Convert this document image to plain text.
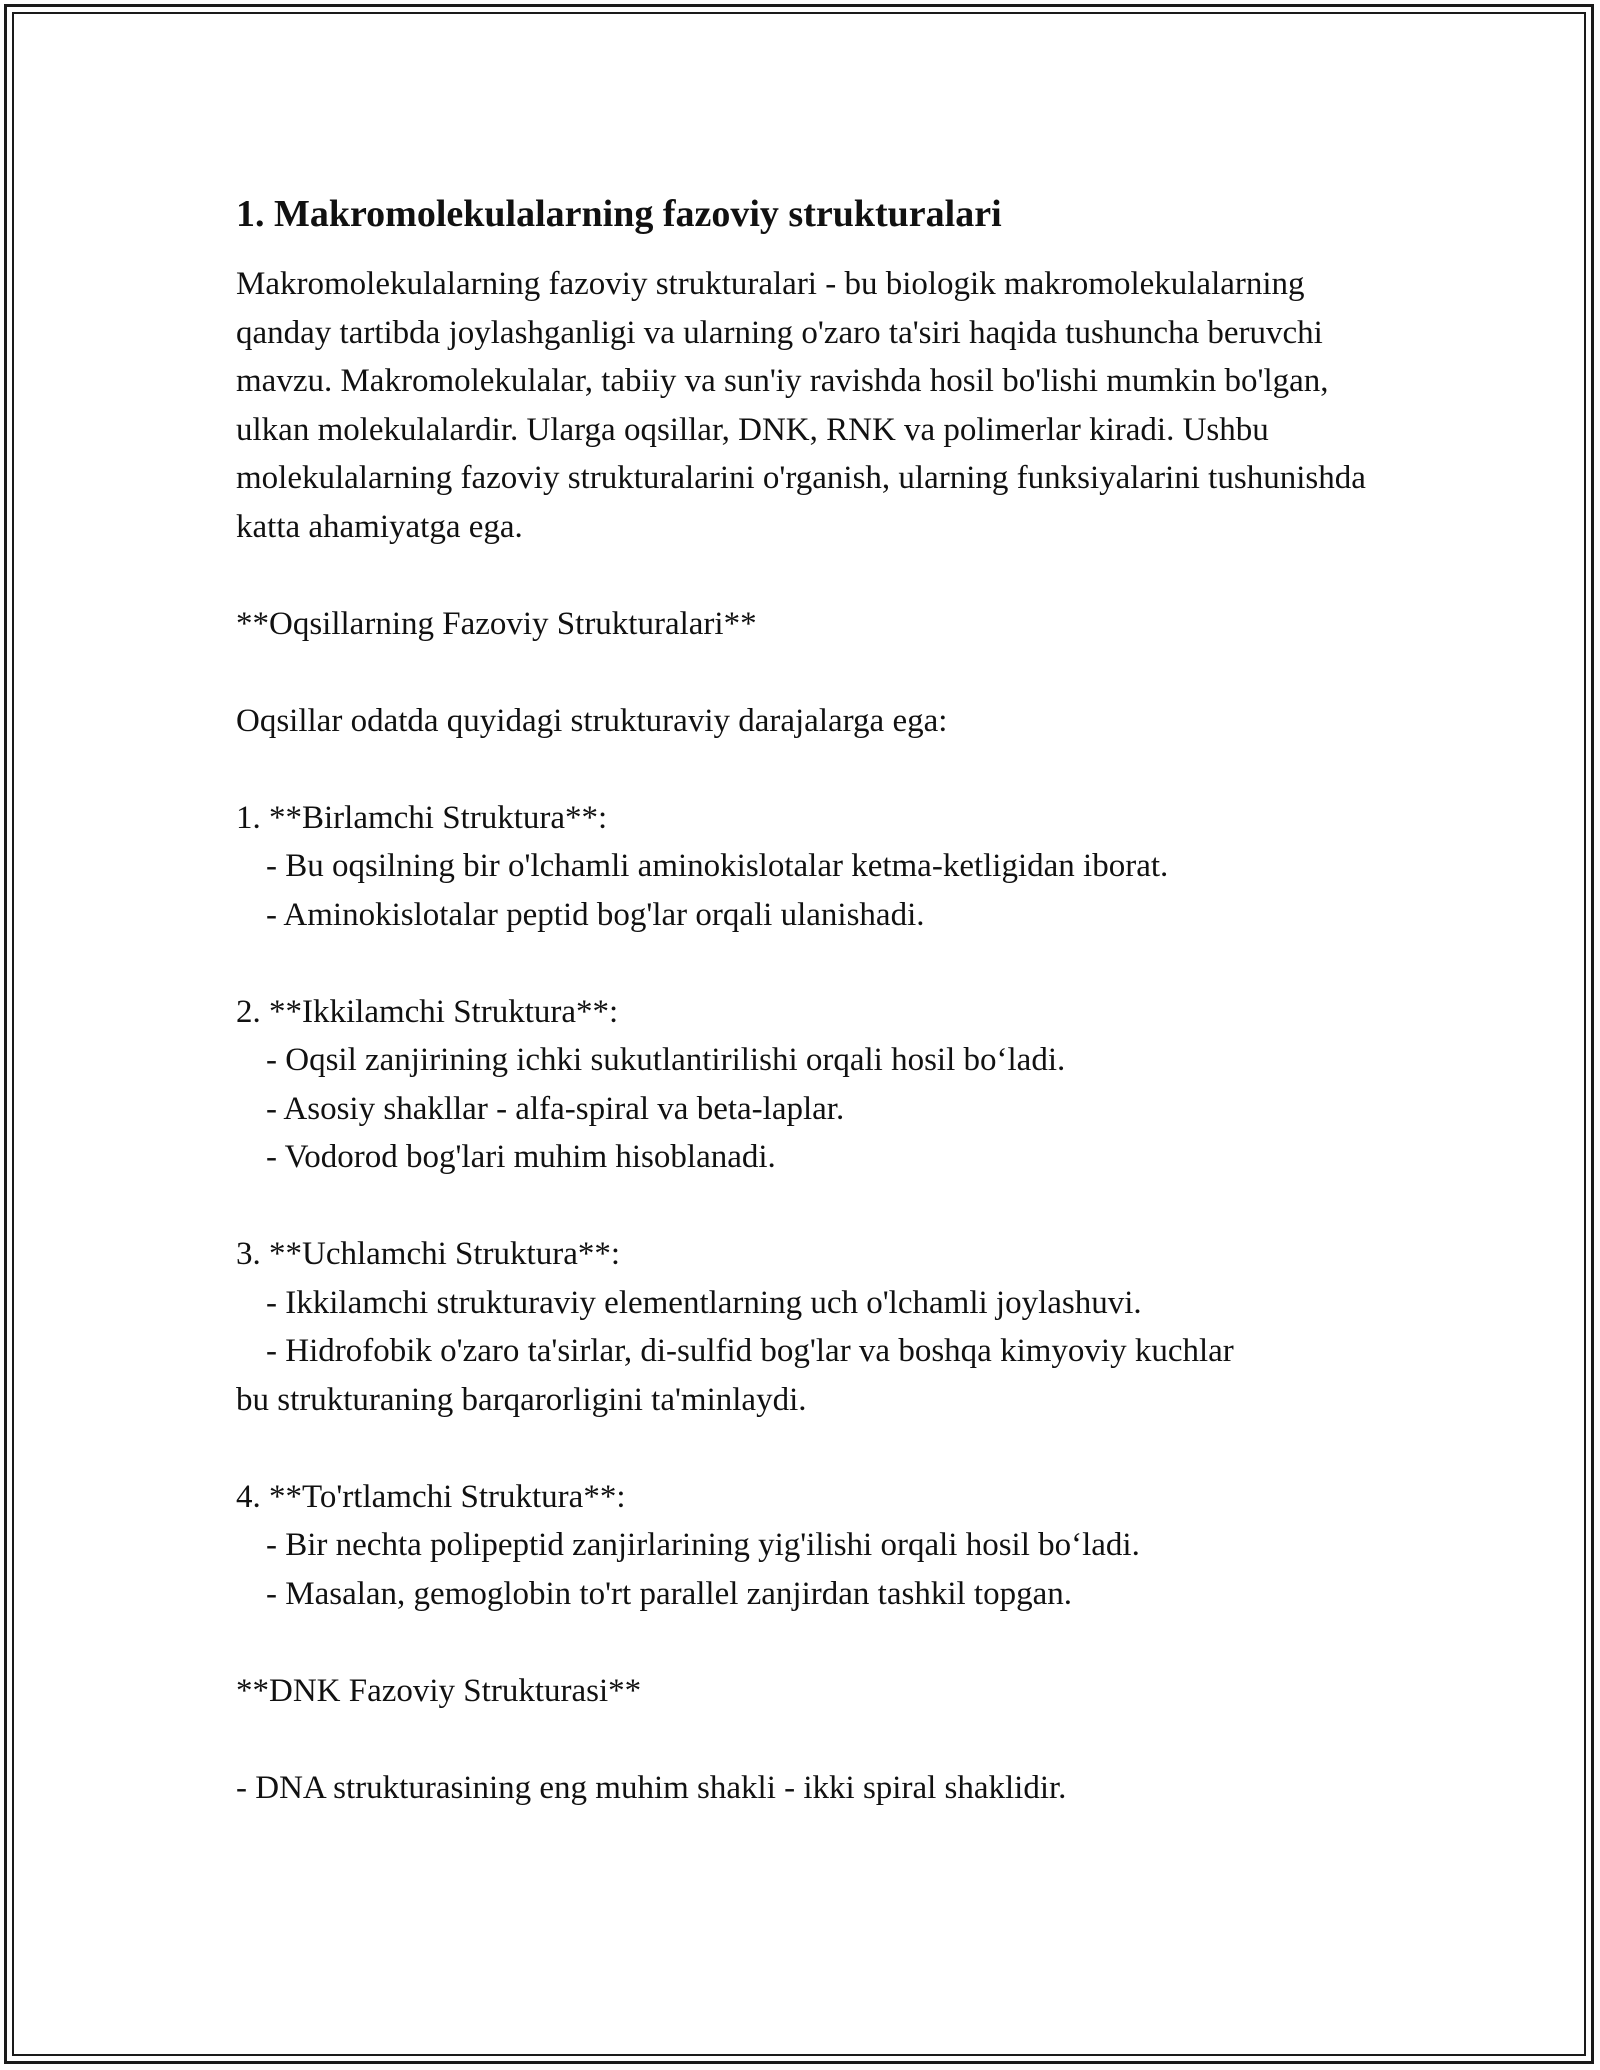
1. Makromolekulalarning fazoviy strukturalari

Makromolekulalarning fazoviy strukturalari - bu biologik makromolekulalarning qanday tartibda joylashganligi va ularning o'zaro ta'siri haqida tushuncha beruvchi mavzu. Makromolekulalar, tabiiy va sun'iy ravishda hosil bo'lishi mumkin bo'lgan, ulkan molekulalardir. Ularga oqsillar, DNK, RNK va polimerlar kiradi. Ushbu molekulalarning fazoviy strukturalarini o'rganish, ularning funksiyalarini tushunishda katta ahamiyatga ega.

**Oqsillarning Fazoviy Strukturalari**

Oqsillar odatda quyidagi strukturaviy darajalarga ega:

1. **Birlamchi Struktura**:

- Bu oqsilning bir o'lchamli aminokislotalar ketma-ketligidan iborat.

- Aminokislotalar peptid bog'lar orqali ulanishadi.

2. **Ikkilamchi Struktura**:

- Oqsil zanjirining ichki sukutlantirilishi orqali hosil bo‘ladi.

- Asosiy shakllar - alfa-spiral va beta-laplar.

- Vodorod bog'lari muhim hisoblanadi.

3. **Uchlamchi Struktura**:

- Ikkilamchi strukturaviy elementlarning uch o'lchamli joylashuvi.

- Hidrofobik o'zaro ta'sirlar, di-sulfid bog'lar va boshqa kimyoviy kuchlar

bu strukturaning barqarorligini ta'minlaydi.

4. **To'rtlamchi Struktura**:

- Bir nechta polipeptid zanjirlarining yig'ilishi orqali hosil bo‘ladi.

- Masalan, gemoglobin to'rt parallel zanjirdan tashkil topgan.

**DNK Fazoviy Strukturasi**

- DNA strukturasining eng muhim shakli - ikki spiral shaklidir.
